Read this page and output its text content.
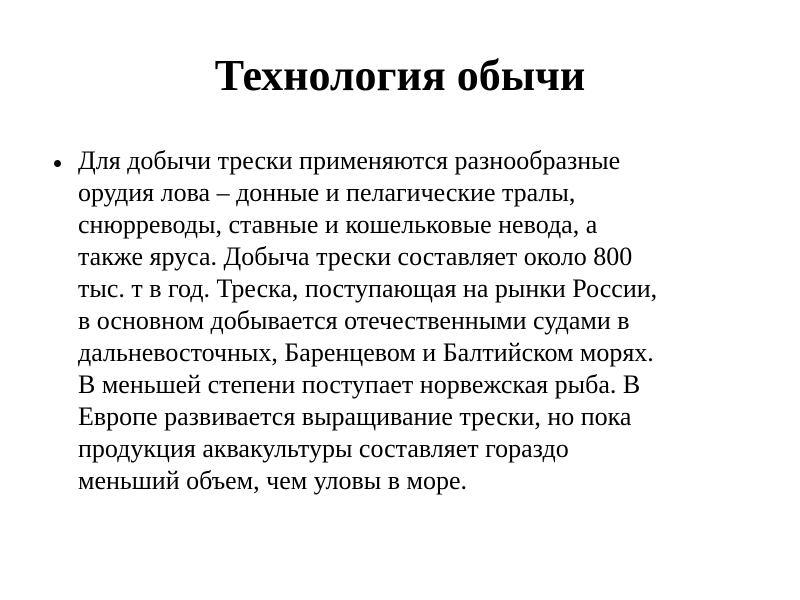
Технология обычи
Для добычи трески применяются разнообразные
орудия лова – донные и пелагические тралы,
снюрреводы, ставные и кошельковые невода, а
также яруса. Добыча трески составляет около 800
тыс. т в год. Треска, поступающая на рынки России,
в основном добывается отечественными судами в
дальневосточных, Баренцевом и Балтийском морях.
В меньшей степени поступает норвежская рыба. В
Европе развивается выращивание трески, но пока
продукция аквакультуры составляет гораздо
меньший объем, чем уловы в море.
